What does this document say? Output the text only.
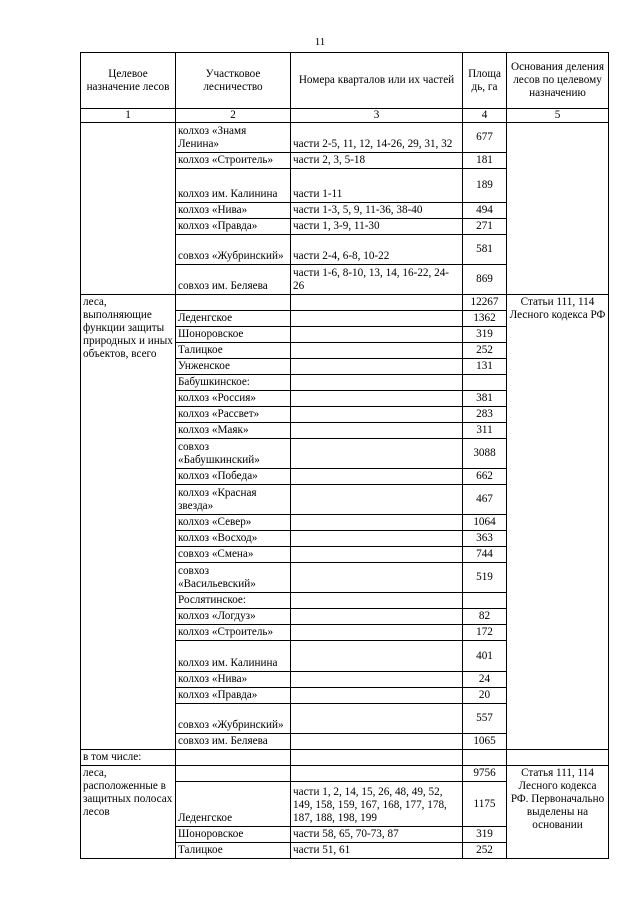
11
Целевое назначение лесов	Участковое лесничество	Номера кварталов или их частей	Площа дь, га	Основания деления лесов по целевому назначению
1	2	3	4	5
	колхоз «Знамя Ленина»	части 2-5, 11, 12, 14-26, 29, 31, 32	677	
	колхоз «Строитель»	части 2, 3, 5-18	181	
	колхоз им. Калинина	части 1-11	189	
	колхоз «Нива»	части 1-3, 5, 9, 11-36, 38-40	494	
	колхоз «Правда»	части 1, 3-9, 11-30	271	
	совхоз «Жубринский»	части 2-4, 6-8, 10-22	581	
	совхоз им. Беляева	части 1-6, 8-10, 13, 14, 16-22, 24-26	869	
леса, выполняющие функции защиты природных и иных объектов, всего			12267	Статьи 111, 114 Лесного кодекса РФ
	Леденгское		1362	
	Шоноровское		319	
	Талицкое		252	
	Унженское		131	
	Бабушкинское:			
	колхоз «Россия»		381	
	колхоз «Рассвет»		283	
	колхоз «Маяк»		311	
	совхоз «Бабушкинский»		3088	
	колхоз «Победа»		662	
	колхоз «Красная звезда»		467	
	колхоз «Север»		1064	
	колхоз «Восход»		363	
	совхоз «Смена»		744	
	совхоз «Васильевский»		519	
	Рослятинское:			
	колхоз «Логдуз»		82	
	колхоз «Строитель»		172	
	колхоз им. Калинина		401	
	колхоз «Нива»		24	
	колхоз «Правда»		20	
	совхоз «Жубринский»		557	
	совхоз им. Беляева		1065	
в том числе:				
леса, расположенные в защитных полосах лесов			9756	Статья 111, 114 Лесного кодекса РФ. Первоначально выделены на основании
	Леденгское	части 1, 2, 14, 15, 26, 48, 49, 52, 149, 158, 159, 167, 168, 177, 178, 187, 188, 198, 199	1175	
	Шоноровское	части 58, 65, 70-73, 87	319	
	Талицкое	части 51, 61	252	
